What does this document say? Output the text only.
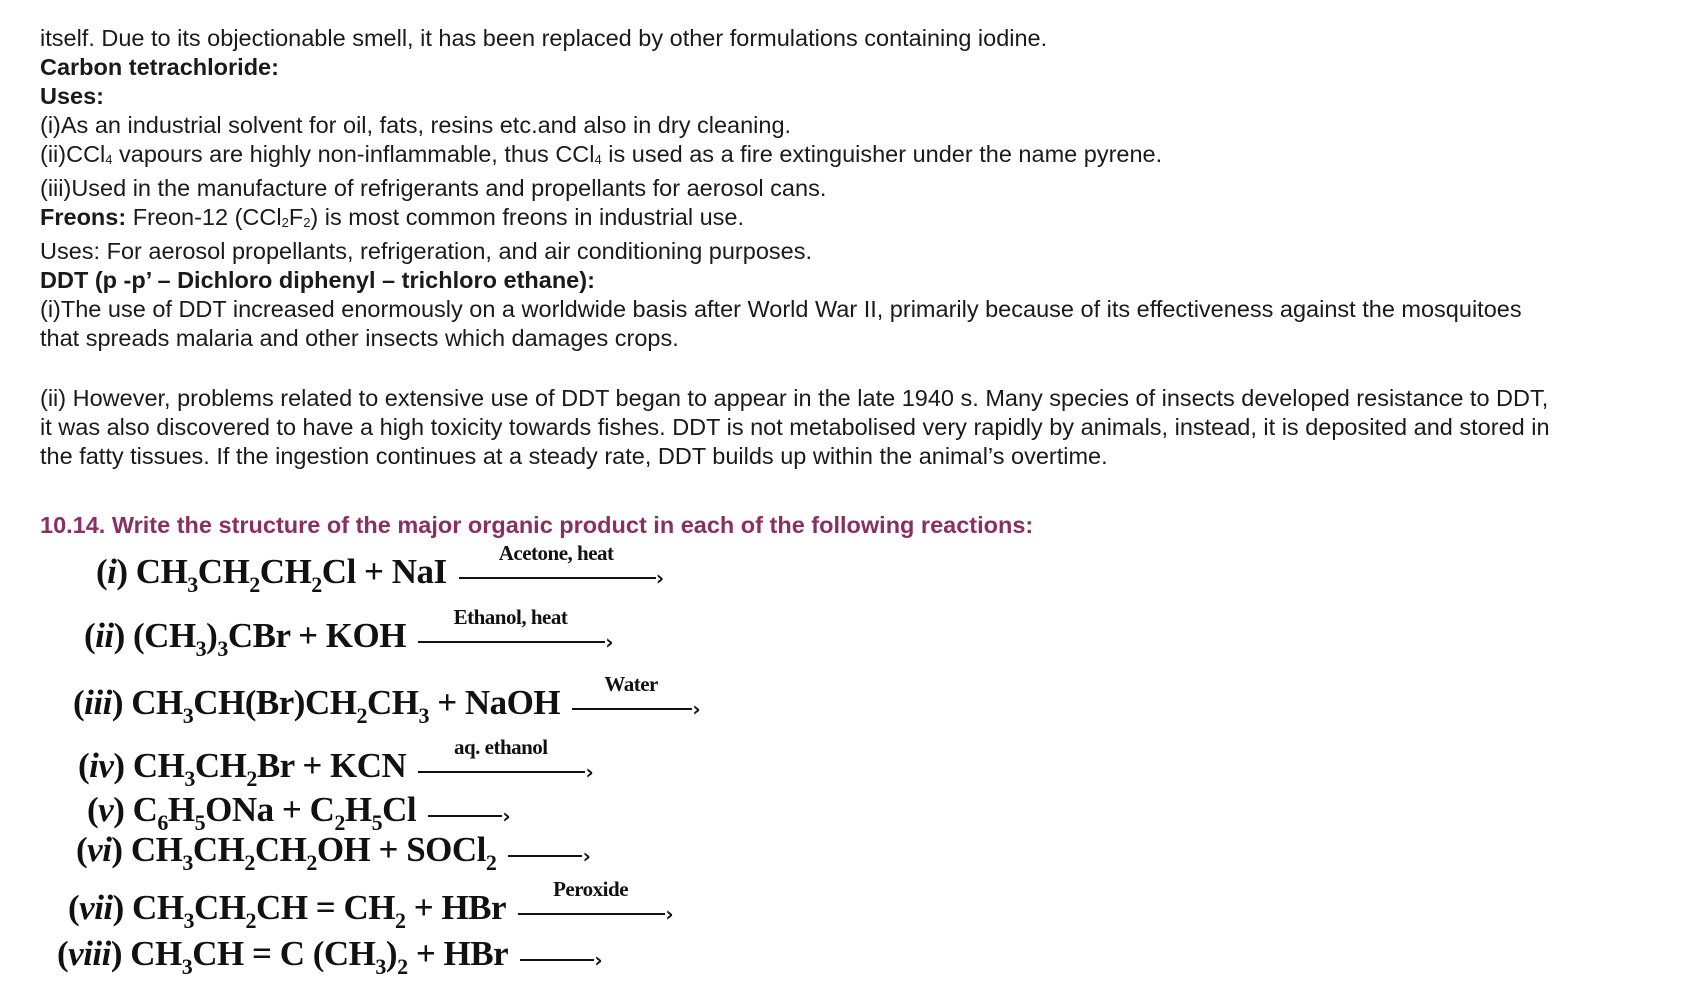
itself. Due to its objectionable smell, it has been replaced by other formulations containing iodine.
Carbon tetrachloride:
Uses:
(i)As an industrial solvent for oil, fats, resins etc.and also in dry cleaning.
(ii)CCl$_4$ vapours are highly non-inflammable, thus CCl$_4$ is used as a fire extinguisher under the name pyrene.
(iii)Used in the manufacture of refrigerants and propellants for aerosol cans.
Freons: Freon-12 $(CCl_2F_2)$ is most common freons in industrial use.
Uses: For aerosol propellants, refrigeration, and air conditioning purposes.
DDT (p -p’ – Dichloro diphenyl – trichloro ethane):
(i)The use of DDT increased enormously on a worldwide basis after World War II, primarily because of its effectiveness against the mosquitoes
that spreads malaria and other insects which damages crops.
(ii) However, problems related to extensive use of DDT began to appear in the late 1940 s. Many species of insects developed resistance to DDT,
it was also discovered to have a high toxicity towards fishes. DDT is not metabolised very rapidly by animals, instead, it is deposited and stored in
the fatty tissues. If the ingestion continues at a steady rate, DDT builds up within the animal’s overtime.
10.14. Write the structure of the major organic product in each of the following reactions:
(i) $CH_3CH_2CH_2Cl$ + NaI	›
Acetone, heat
(ii) $(CH_3)_3CBr$ + KOH	›
Ethanol, heat
(iii) $CH_3CH(Br)CH_2CH_3$ + NaOH	›
Water
(iv) $CH_3CH_2Br$ + KCN	›
aq. ethanol
(v) $C_6H_5ONa + C_2H_5Cl$	›
(vi) $CH_3CH_2CH_2OH$ + SOCl$_2$	›
(vii) $CH_3CH_2CH = CH_2$ + HBr	›
Peroxide
(viii) $CH_3CH = C$ $(CH_3)_2$ + HBr	›
